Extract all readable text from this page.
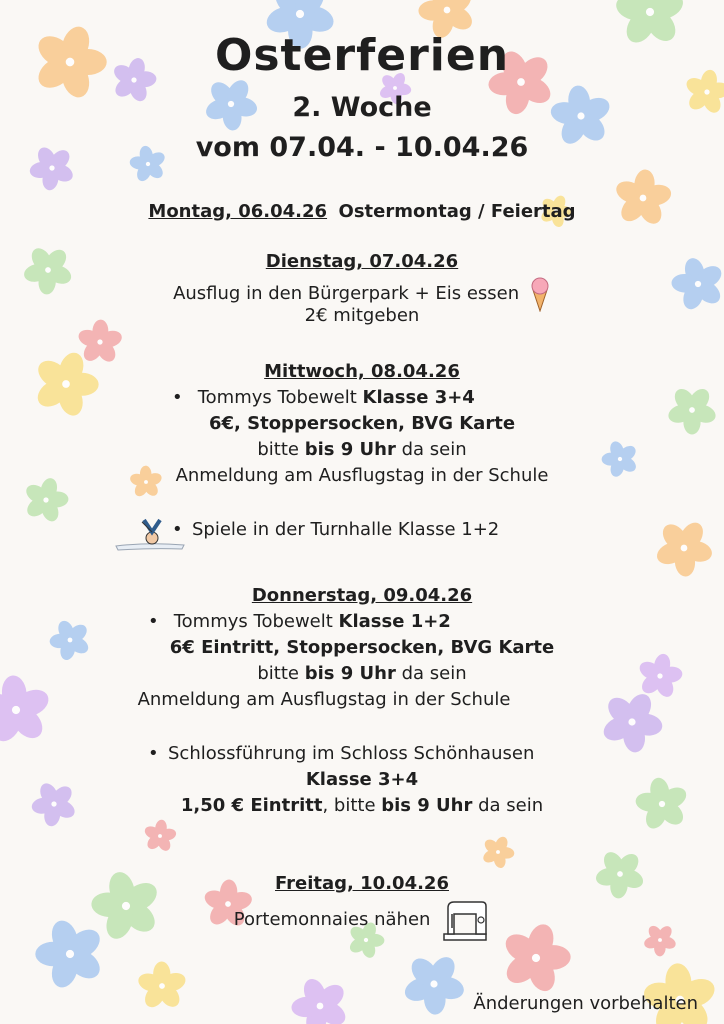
Osterferien
2. Woche
vom 07.04. - 10.04.26
Montag, 06.04.26 Ostermontag / Feiertag
Dienstag, 07.04.26
Ausflug in den Bürgerpark + Eis essen
2€ mitgeben
Mittwoch, 08.04.26
• Tommys Tobewelt Klasse 3+4
6€, Stoppersocken, BVG Karte
bitte bis 9 Uhr da sein
Anmeldung am Ausflugstag in der Schule
• Spiele in der Turnhalle Klasse 1+2
Donnerstag, 09.04.26
• Tommys Tobewelt Klasse 1+2
6€ Eintritt, Stoppersocken, BVG Karte
bitte bis 9 Uhr da sein
Anmeldung am Ausflugstag in der Schule
• Schlossführung im Schloss Schönhausen
Klasse 3+4
1,50 € Eintritt, bitte bis 9 Uhr da sein
Freitag, 10.04.26
Portemonnaies nähen
Änderungen vorbehalten
